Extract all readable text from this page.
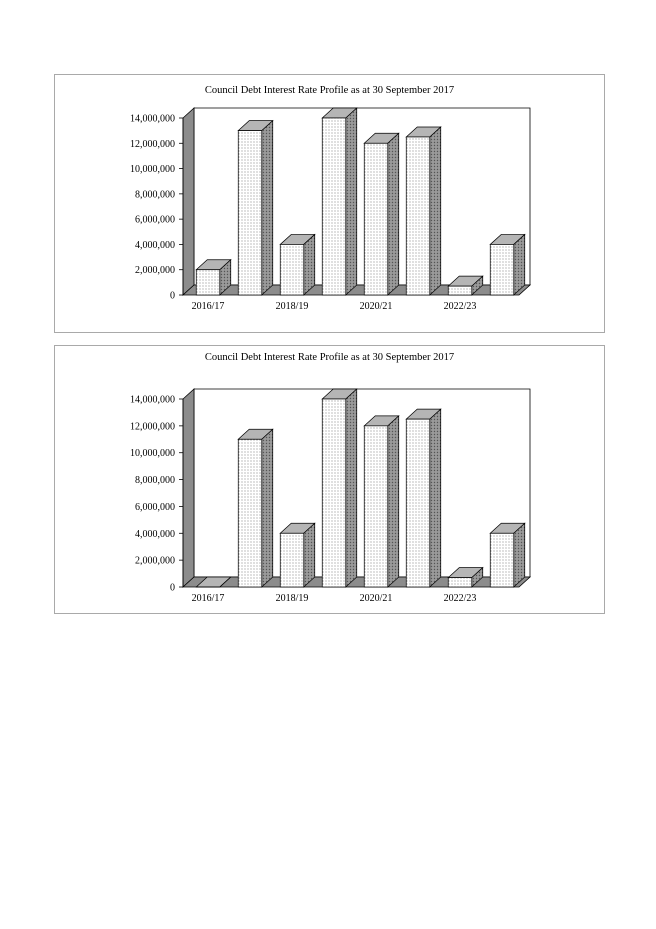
Council Debt Interest Rate Profile as at 30 September 2017
0
2,000,000
4,000,000
6,000,000
8,000,000
10,000,000
12,000,000
14,000,000
2016/17	2018/19	2020/21	2022/23
Council Debt Interest Rate Profile as at 30 September 2017
0
2,000,000
4,000,000
6,000,000
8,000,000
10,000,000
12,000,000
14,000,000
2016/17	2018/19	2020/21	2022/23
